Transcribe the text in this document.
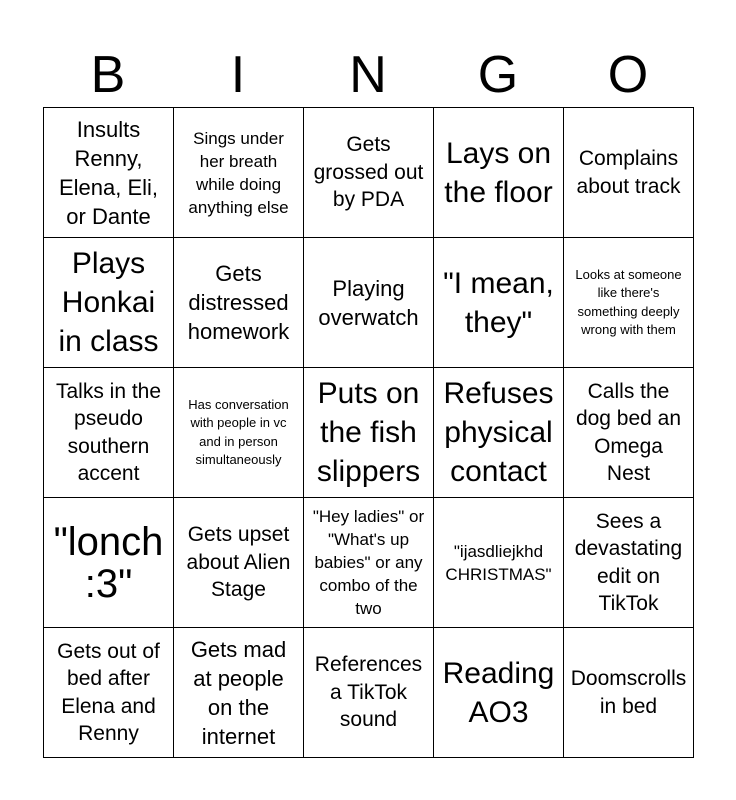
B	I	N	G	O
Insults Renny, Elena, Eli, or Dante	Sings under her breath while doing anything else	Gets grossed out by PDA	Lays on the floor	Complains about track

Plays Honkai in class	Gets distressed homework	Playing overwatch	"I mean, they"	Looks at someone like there's something deeply wrong with them

Talks in the pseudo southern accent	Has conversation with people in vc and in person simultaneously	Puts on the fish slippers	Refuses physical contact	Calls the dog bed an Omega Nest

"lonch :3"	Gets upset about Alien Stage	"Hey ladies" or "What's up babies" or any combo of the two	"ijasdliejkhd CHRISTMAS"	Sees a devastating edit on TikTok

Gets out of bed after Elena and Renny	Gets mad at people on the internet	References a TikTok sound	Reading AO3	Doomscrolls in bed
